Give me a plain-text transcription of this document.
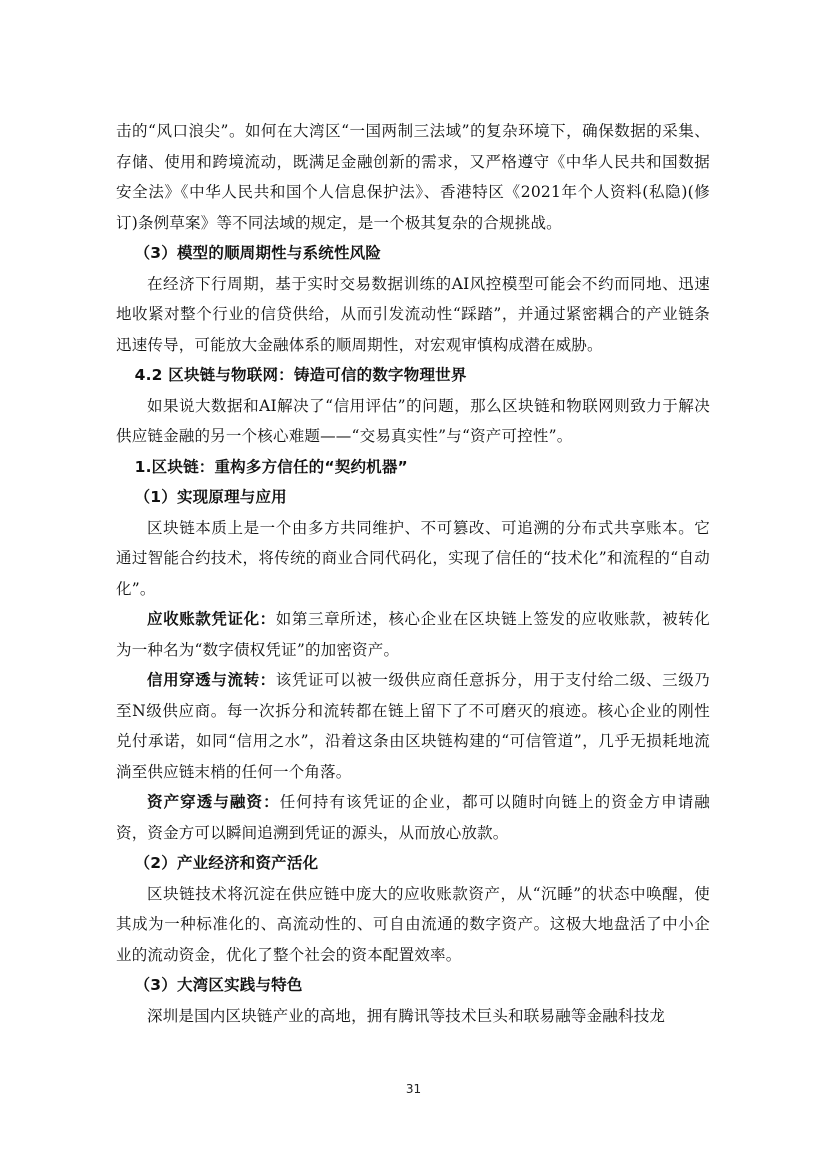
击的“风口浪尖”。如何在大湾区“一国两制三法域”的复杂环境下，确保数据的采集、存储、使用和跨境流动，既满足金融创新的需求，又严格遵守《中华人民共和国数据安全法》《中华人民共和国个人信息保护法》、香港特区《2021年个人资料(私隐)(修订)条例草案》等不同法域的规定，是一个极其复杂的合规挑战。

（3）模型的顺周期性与系统性风险

在经济下行周期，基于实时交易数据训练的AI风控模型可能会不约而同地、迅速地收紧对整个行业的信贷供给，从而引发流动性“踩踏”，并通过紧密耦合的产业链条迅速传导，可能放大金融体系的顺周期性，对宏观审慎构成潜在威胁。

4.2 区块链与物联网：铸造可信的数字物理世界

如果说大数据和AI解决了“信用评估”的问题，那么区块链和物联网则致力于解决供应链金融的另一个核心难题——“交易真实性”与“资产可控性”。

1.区块链：重构多方信任的“契约机器”

（1）实现原理与应用

区块链本质上是一个由多方共同维护、不可篡改、可追溯的分布式共享账本。它通过智能合约技术，将传统的商业合同代码化，实现了信任的“技术化”和流程的“自动化”。

应收账款凭证化：如第三章所述，核心企业在区块链上签发的应收账款，被转化为一种名为“数字债权凭证”的加密资产。

信用穿透与流转：该凭证可以被一级供应商任意拆分，用于支付给二级、三级乃至N级供应商。每一次拆分和流转都在链上留下了不可磨灭的痕迹。核心企业的刚性兑付承诺，如同“信用之水”，沿着这条由区块链构建的“可信管道”，几乎无损耗地流淌至供应链末梢的任何一个角落。

资产穿透与融资：任何持有该凭证的企业，都可以随时向链上的资金方申请融资，资金方可以瞬间追溯到凭证的源头，从而放心放款。

（2）产业经济和资产活化

区块链技术将沉淀在供应链中庞大的应收账款资产，从“沉睡”的状态中唤醒，使其成为一种标准化的、高流动性的、可自由流通的数字资产。这极大地盘活了中小企业的流动资金，优化了整个社会的资本配置效率。

（3）大湾区实践与特色

深圳是国内区块链产业的高地，拥有腾讯等技术巨头和联易融等金融科技龙

31
